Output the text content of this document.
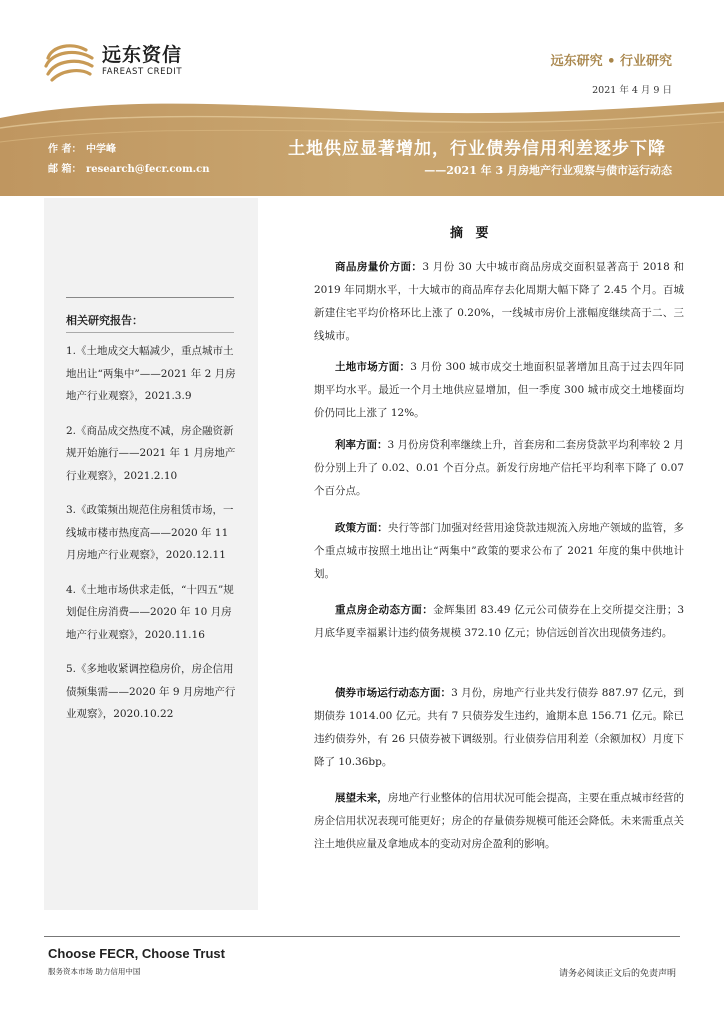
远东资信
FAREAST CREDIT
远东研究 • 行业研究
2021 年 4 月 9 日
作 者： 中学峰
邮 箱： research@fecr.com.cn
土地供应显著增加，行业债券信用利差逐步下降
——2021 年 3 月房地产行业观察与债市运行动态
相关研究报告：
1.《土地成交大幅减少，重点城市土地出让“两集中”——2021 年 2 月房地产行业观察》，2021.3.9
2.《商品成交热度不减，房企融资新规开始施行——2021 年 1 月房地产行业观察》，2021.2.10
3.《政策频出规范住房租赁市场，一线城市楼市热度高——2020 年 11 月房地产行业观察》，2020.12.11
4.《土地市场供求走低，“十四五”规划促住房消费——2020 年 10 月房地产行业观察》，2020.11.16
5.《多地收紧调控稳房价，房企信用债频集需——2020 年 9 月房地产行业观察》，2020.10.22
摘 要
商品房量价方面：3 月份 30 大中城市商品房成交面积显著高于 2018 和 2019 年同期水平，十大城市的商品库存去化周期大幅下降了 2.45 个月。百城新建住宅平均价格环比上涨了 0.20%，一线城市房价上涨幅度继续高于二、三线城市。
土地市场方面：3 月份 300 城市成交土地面积显著增加且高于过去四年同期平均水平。最近一个月土地供应显增加，但一季度 300 城市成交土地楼面均价仍同比上涨了 12%。
利率方面：3 月份房贷利率继续上升，首套房和二套房贷款平均利率较 2 月份分别上升了 0.02、0.01 个百分点。新发行房地产信托平均利率下降了 0.07 个百分点。
政策方面：央行等部门加强对经营用途贷款违规流入房地产领域的监管，多个重点城市按照土地出让“两集中”政策的要求公布了 2021 年度的集中供地计划。
重点房企动态方面：金辉集团 83.49 亿元公司债券在上交所提交注册；3 月底华夏幸福累计违约债务规模 372.10 亿元；协信远创首次出现债务违约。
债券市场运行动态方面：3 月份，房地产行业共发行债券 887.97 亿元，到期债券 1014.00 亿元。共有 7 只债券发生违约，逾期本息 156.71 亿元。除已违约债券外，有 26 只债券被下调级别。行业债券信用利差（余额加权）月度下降了 10.36bp。
展望未来，房地产行业整体的信用状况可能会提高，主要在重点城市经营的房企信用状况表现可能更好；房企的存量债券规模可能还会降低。未来需重点关注土地供应量及拿地成本的变动对房企盈利的影响。
Choose FECR, Choose Trust
服务资本市场 助力信用中国	请务必阅读正文后的免责声明
